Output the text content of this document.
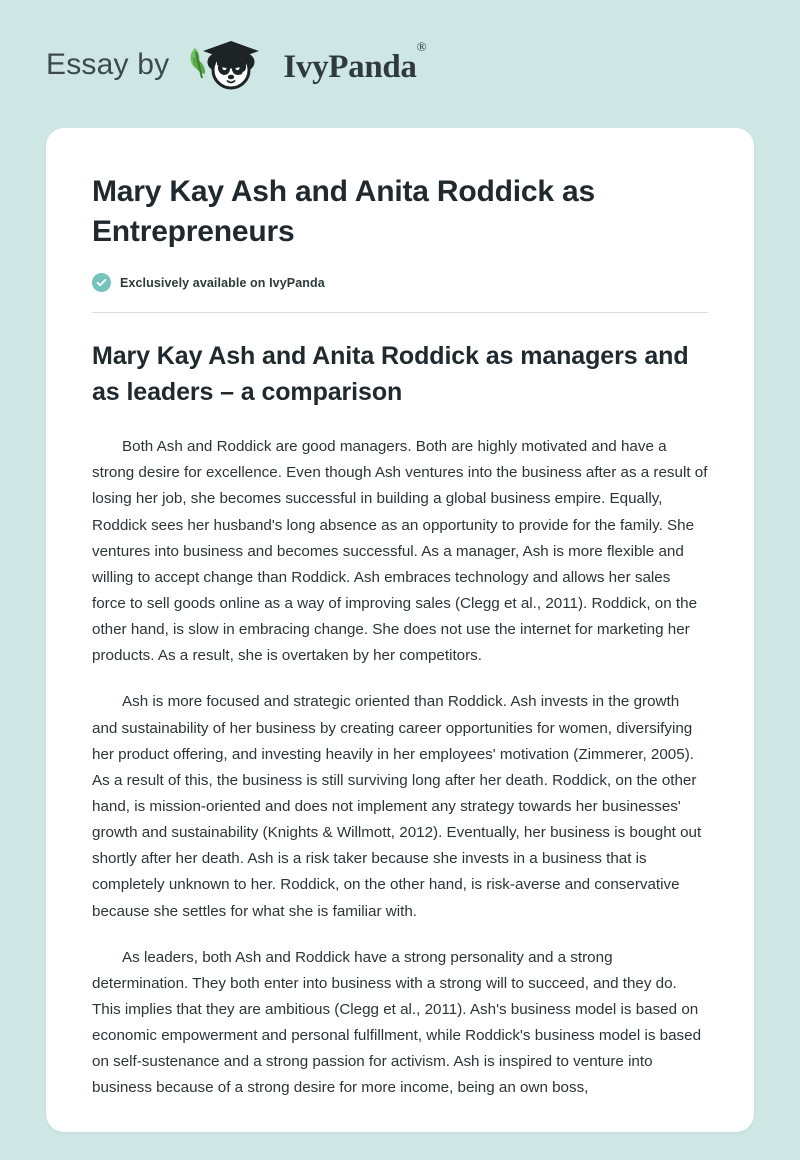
Essay by	IvyPanda®
Mary Kay Ash and Anita Roddick as Entrepreneurs
Exclusively available on IvyPanda
Mary Kay Ash and Anita Roddick as managers and as leaders – a comparison

Both Ash and Roddick are good managers. Both are highly motivated and have a strong desire for excellence. Even though Ash ventures into the business after as a result of losing her job, she becomes successful in building a global business empire. Equally, Roddick sees her husband's long absence as an opportunity to provide for the family. She ventures into business and becomes successful. As a manager, Ash is more flexible and willing to accept change than Roddick. Ash embraces technology and allows her sales force to sell goods online as a way of improving sales (Clegg et al., 2011). Roddick, on the other hand, is slow in embracing change. She does not use the internet for marketing her products. As a result, she is overtaken by her competitors.

Ash is more focused and strategic oriented than Roddick. Ash invests in the growth and sustainability of her business by creating career opportunities for women, diversifying her product offering, and investing heavily in her employees' motivation (Zimmerer, 2005). As a result of this, the business is still surviving long after her death. Roddick, on the other hand, is mission-oriented and does not implement any strategy towards her businesses' growth and sustainability (Knights & Willmott, 2012). Eventually, her business is bought out shortly after her death. Ash is a risk taker because she invests in a business that is completely unknown to her. Roddick, on the other hand, is risk-averse and conservative because she settles for what she is familiar with.

As leaders, both Ash and Roddick have a strong personality and a strong determination. They both enter into business with a strong will to succeed, and they do. This implies that they are ambitious (Clegg et al., 2011). Ash's business model is based on economic empowerment and personal fulfillment, while Roddick's business model is based on self-sustenance and a strong passion for activism. Ash is inspired to venture into business because of a strong desire for more income, being an own boss,
